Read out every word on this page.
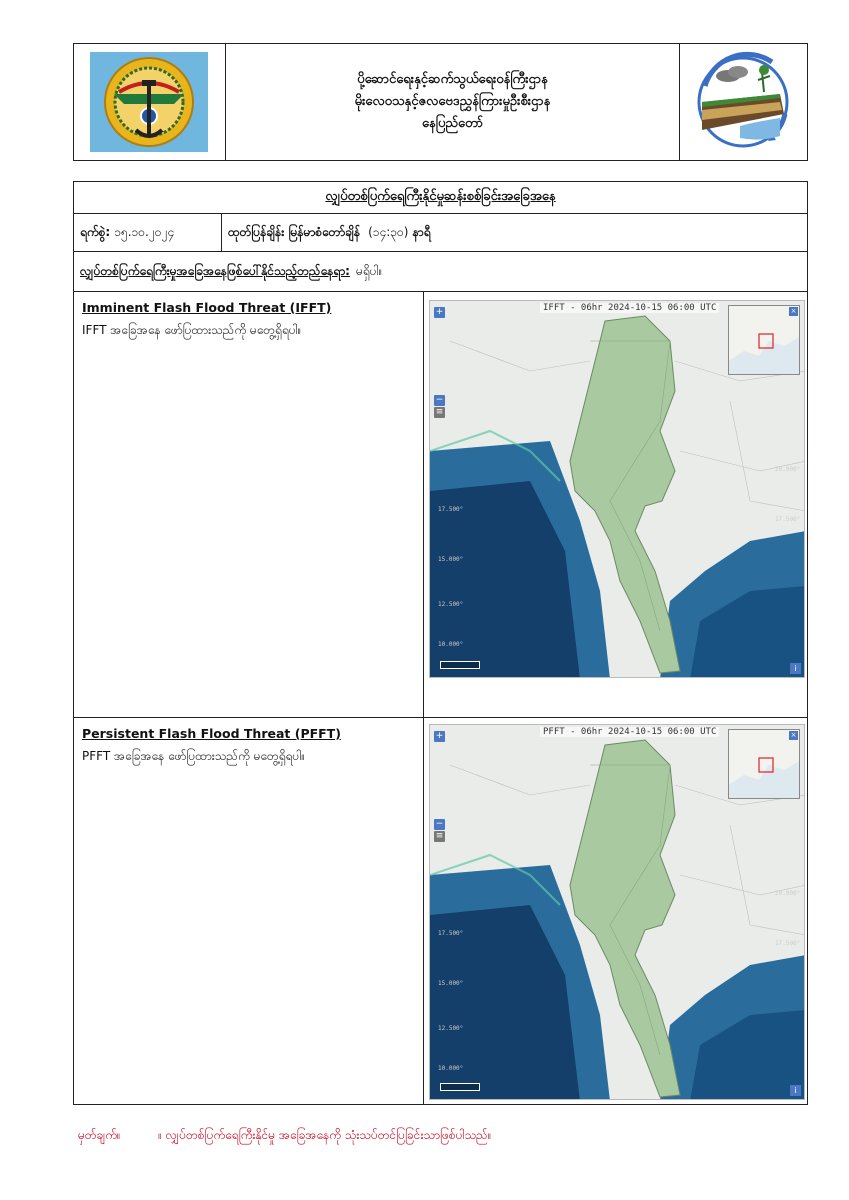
ပို့ဆောင်ရေးနှင့်ဆက်သွယ်ရေးဝန်ကြီးဌာန
မိုးလေဝသနှင့်ဇလဗေဒညွှန်ကြားမှုဦးစီးဌာန
နေပြည်တော်
လျှပ်တစ်ပြက်ရေကြီးနိုင်မှုဆန်းစစ်ခြင်းအခြေအနေ
ရက်စွဲ: ၁၅.၁၀.၂၀၂၄	ထုတ်ပြန်ချိန်း မြန်မာစံတော်ချိန် (၁၄:၃၀) နာရီ
လျှပ်တစ်ပြက်ရေကြီးမှုအခြေအနေဖြစ်ပေါ်နိုင်သည့်တည်နေရာ: မရှိပါ။
Imminent Flash Flood Threat (IFFT)
IFFT အခြေအနေ ဖော်ပြထားသည်ကို မတွေ့ရှိရပါ။
17.500°
15.000°
12.500°
10.000°
20.000°
17.500°
IFFT - 06hr 2024-10-15 06:00 UTC
+
−
≡
×
i
Persistent Flash Flood Threat (PFFT)
PFFT အခြေအနေ ဖော်ပြထားသည်ကို မတွေ့ရှိရပါ။
17.500°
15.000°
12.500°
10.000°
20.000°
17.500°
PFFT - 06hr 2024-10-15 06:00 UTC
+
−
≡
×
i
မှတ်ချက်။	။ လျှပ်တစ်ပြက်ရေကြီးနိုင်မှု အခြေအနေကို သုံးသပ်တင်ပြခြင်းသာဖြစ်ပါသည်။
